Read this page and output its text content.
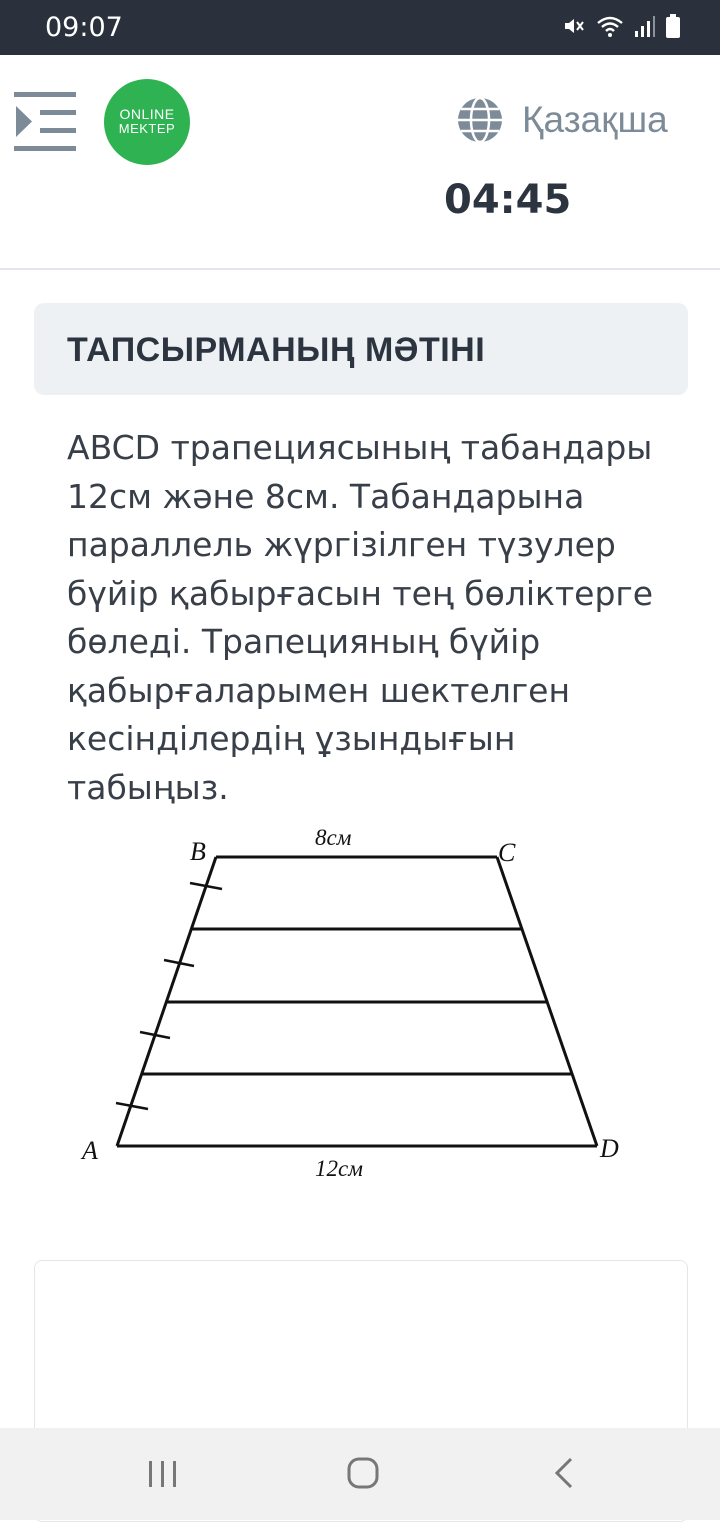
09:07
ONLINE
MEKTEP	Қазақша
04:45
ТАПСЫРМАНЫҢ МӘТІНІ
ABCD трапециясының табандары 12см және 8см. Табандарына параллель жүргізілген түзулер бүйір қабырғасын тең бөліктерге бөледі. Трапецияның бүйір қабырғаларымен шектелген кесінділердің ұзындығын табыңыз.
B	C
A	D
8см
12см
